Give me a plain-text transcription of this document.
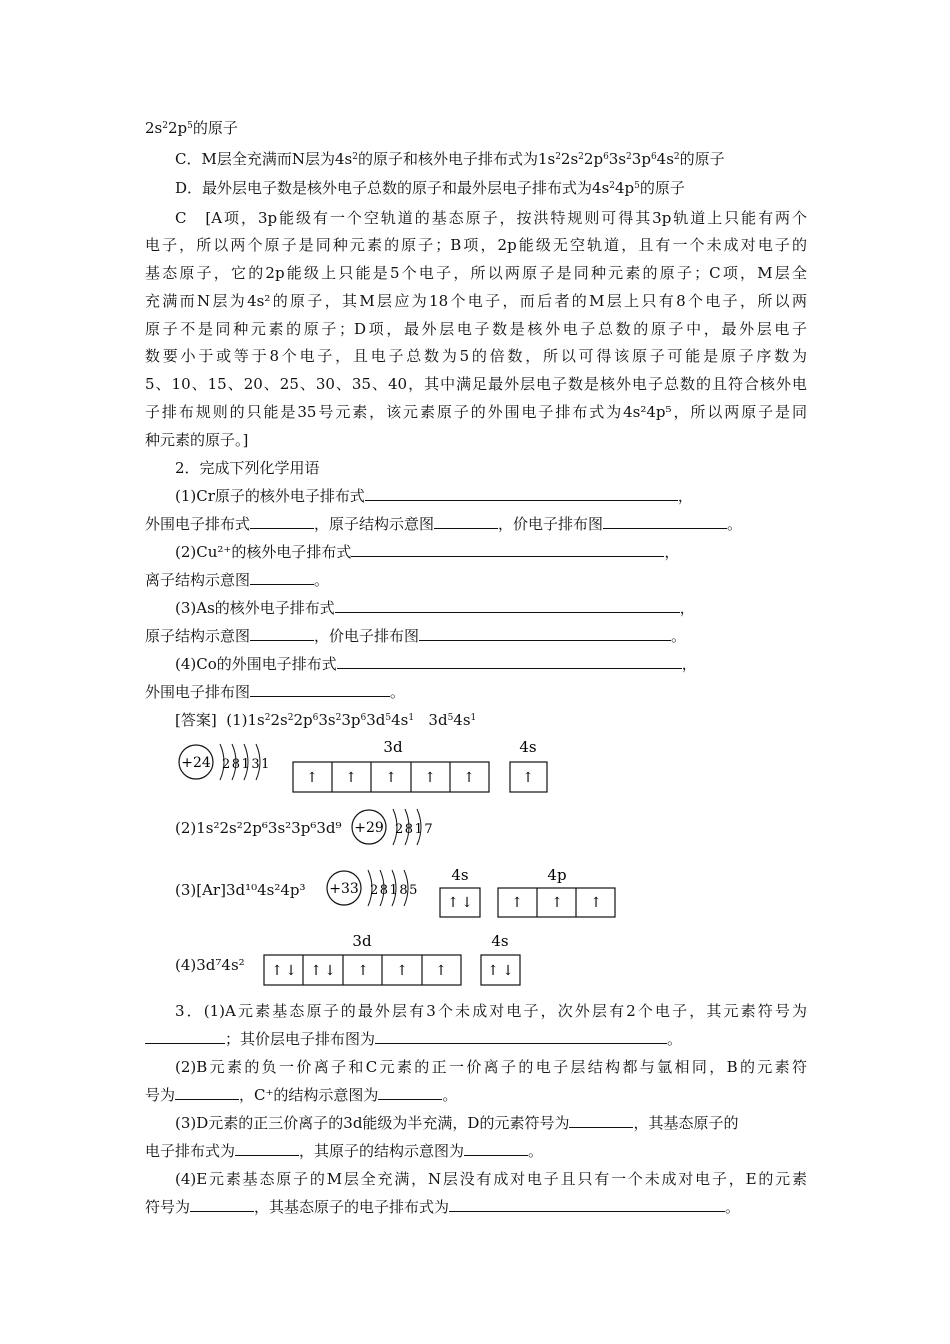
$2s^22p^5$的原子
C．M层全充满而N层为$4s^2$的原子和核外电子排布式为$1s^22s^22p^63s^23p^64s^2$的原子
D．最外层电子数是核外电子总数的原子和最外层电子排布式为$4s^24p^5$的原子
C　[A项，3p能级有一个空轨道的基态原子，按洪特规则可得其3p轨道上只能有两个
电子，所以两个原子是同种元素的原子；B项，2p能级无空轨道，且有一个未成对电子的
基态原子，它的2p能级上只能是5个电子，所以两原子是同种元素的原子；C项，M层全
充满而N层为4s²的原子，其M层应为18个电子，而后者的M层上只有8个电子，所以两
原子不是同种元素的原子；D项，最外层电子数是核外电子总数的原子中，最外层电子
数要小于或等于8个电子，且电子总数为5的倍数，所以可得该原子可能是原子序数为
5、10、15、20、25、30、35、40，其中满足最外层电子数是核外电子总数的且符合核外电
子排布规则的只能是35号元素，该元素原子的外围电子排布式为4s²4p⁵，所以两原子是同
种元素的原子。]
2．完成下列化学用语
(1)Cr原子的核外电子排布式	，
外围电子排布式	，原子结构示意图	，价电子排布图	。
(2)Cu²⁺的核外电子排布式	，
离子结构示意图	。
(3)As的核外电子排布式	，
原子结构示意图	，价电子排布图	。
(4)Co的外围电子排布式	，
外围电子排布图	。
[答案]  $(1)1s^22s^22p^63s^23p^63d^54s^1$   $3d^54s^1$
+24 28131
3d
↑ ↑ ↑ ↑ ↑
4s
↑
+29 2817
+33 28185
4s
↑ ↓
4p
↑ ↑ ↑
3d
↑ ↓ ↑ ↓ ↑ ↑ ↑
4s
↑ ↓
(2)1s²2s²2p⁶3s²3p⁶3d⁹
(3)[Ar]3d¹⁰4s²4p³
(4)3d⁷4s²
3．(1)A元素基态原子的最外层有3个未成对电子，次外层有2个电子，其元素符号为
；其价层电子排布图为	。
(2)B元素的负一价离子和C元素的正一价离子的电子层结构都与氩相同，B的元素符
号为	，C⁺的结构示意图为	。
(3)D元素的正三价离子的3d能级为半充满，D的元素符号为	，其基态原子的
电子排布式为	，其原子的结构示意图为	。
(4)E元素基态原子的M层全充满，N层没有成对电子且只有一个未成对电子，E的元素
符号为	，其基态原子的电子排布式为	。
